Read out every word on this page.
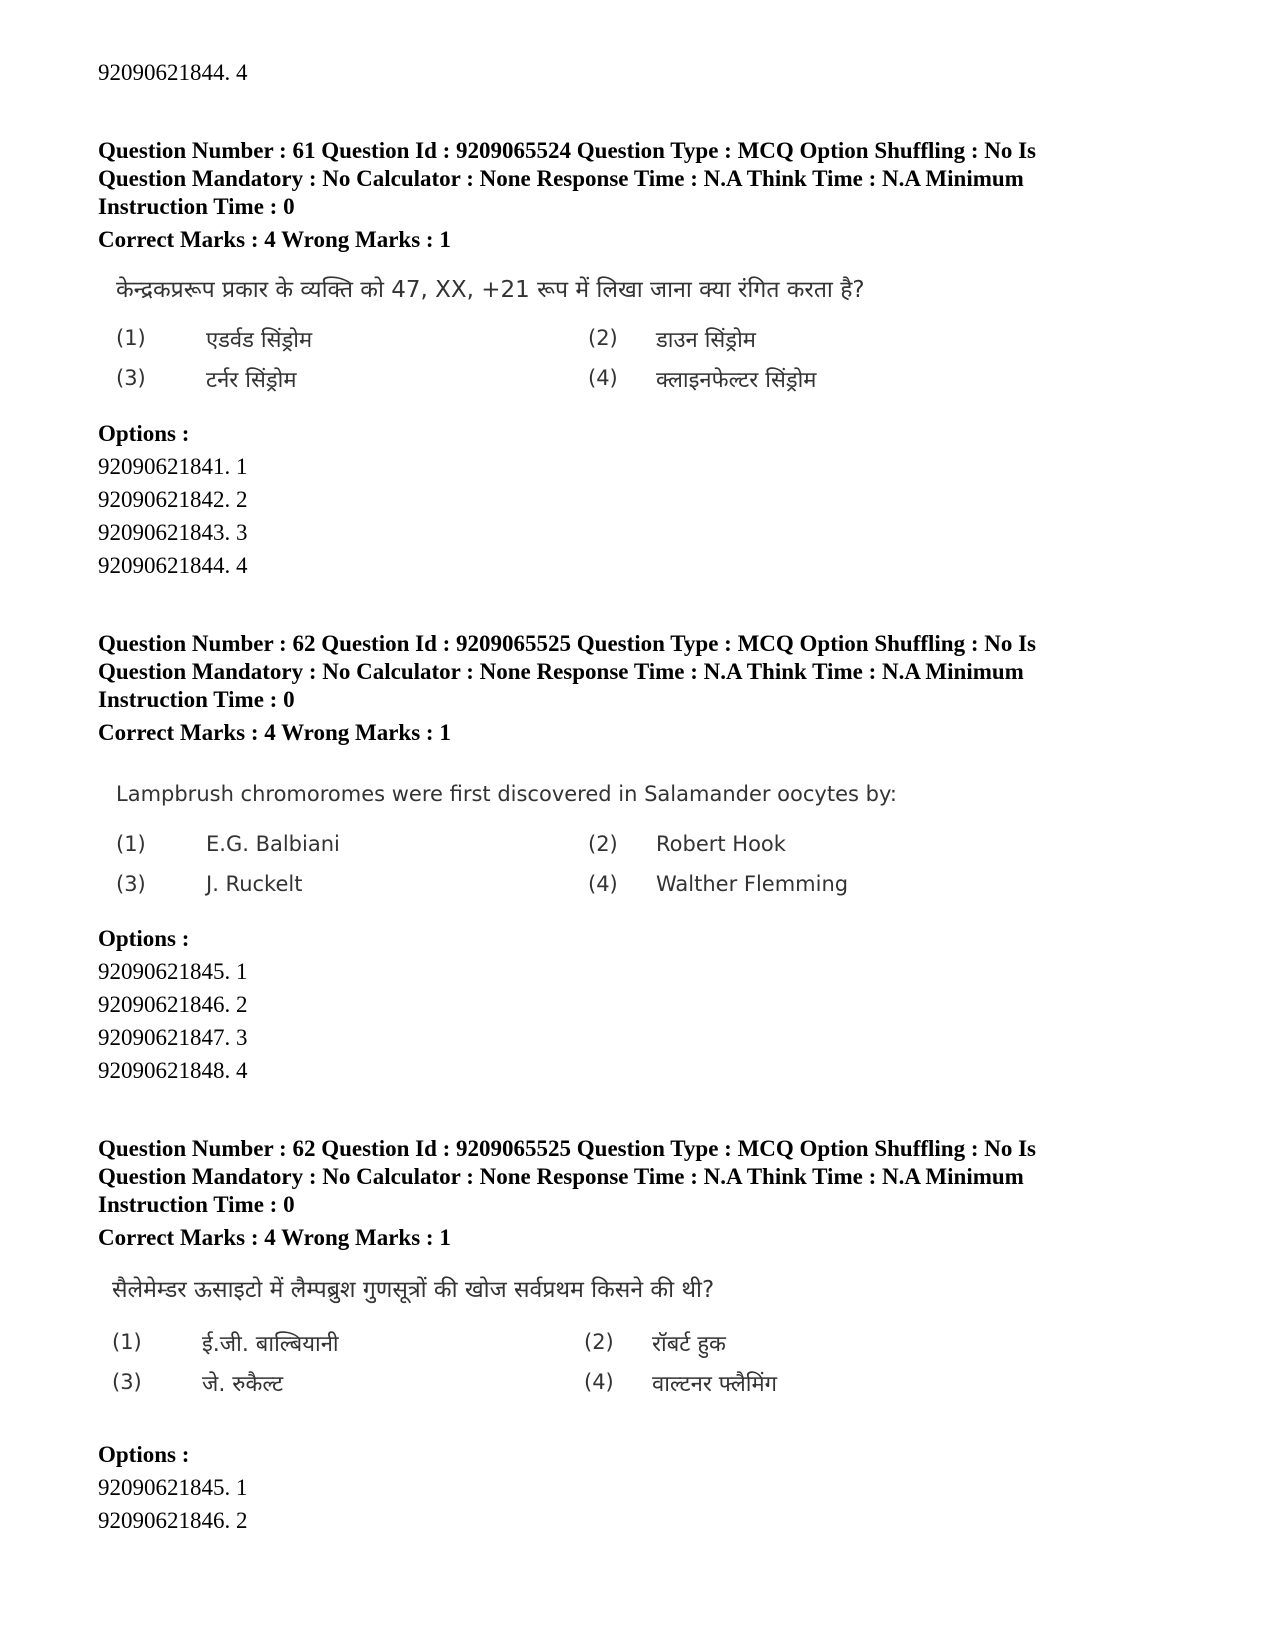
92090621844. 4
Question Number : 61 Question Id : 9209065524 Question Type : MCQ Option Shuffling : No Is Question Mandatory : No Calculator : None Response Time : N.A Think Time : N.A Minimum Instruction Time : 0
Correct Marks : 4 Wrong Marks : 1
केन्द्रकप्ररूप प्रकार के व्यक्ति को 47, XX, +21 रूप में लिखा जाना क्या रंगित करता है?
(1)	एडर्वड सिंड्रोम	(2) डाउन सिंड्रोम
(3)	टर्नर सिंड्रोम	(4) क्लाइनफेल्टर सिंड्रोम
Options :
92090621841. 1
92090621842. 2
92090621843. 3
92090621844. 4
Question Number : 62 Question Id : 9209065525 Question Type : MCQ Option Shuffling : No Is Question Mandatory : No Calculator : None Response Time : N.A Think Time : N.A Minimum Instruction Time : 0
Correct Marks : 4 Wrong Marks : 1
Lampbrush chromoromes were first discovered in Salamander oocytes by:
(1)	E.G. Balbiani	(2) Robert Hook
(3)	J. Ruckelt	(4) Walther Flemming
Options :
92090621845. 1
92090621846. 2
92090621847. 3
92090621848. 4
Question Number : 62 Question Id : 9209065525 Question Type : MCQ Option Shuffling : No Is Question Mandatory : No Calculator : None Response Time : N.A Think Time : N.A Minimum Instruction Time : 0
Correct Marks : 4 Wrong Marks : 1
सैलेमेम्डर ऊसाइटो में लैम्पब्रुश गुणसूत्रों की खोज सर्वप्रथम किसने की थी?
(1)	ई.जी. बाल्बियानी	(2) रॉबर्ट हुक
(3)	जे. रुकैल्ट	(4) वाल्टनर फ्लैमिंग
Options :
92090621845. 1
92090621846. 2
